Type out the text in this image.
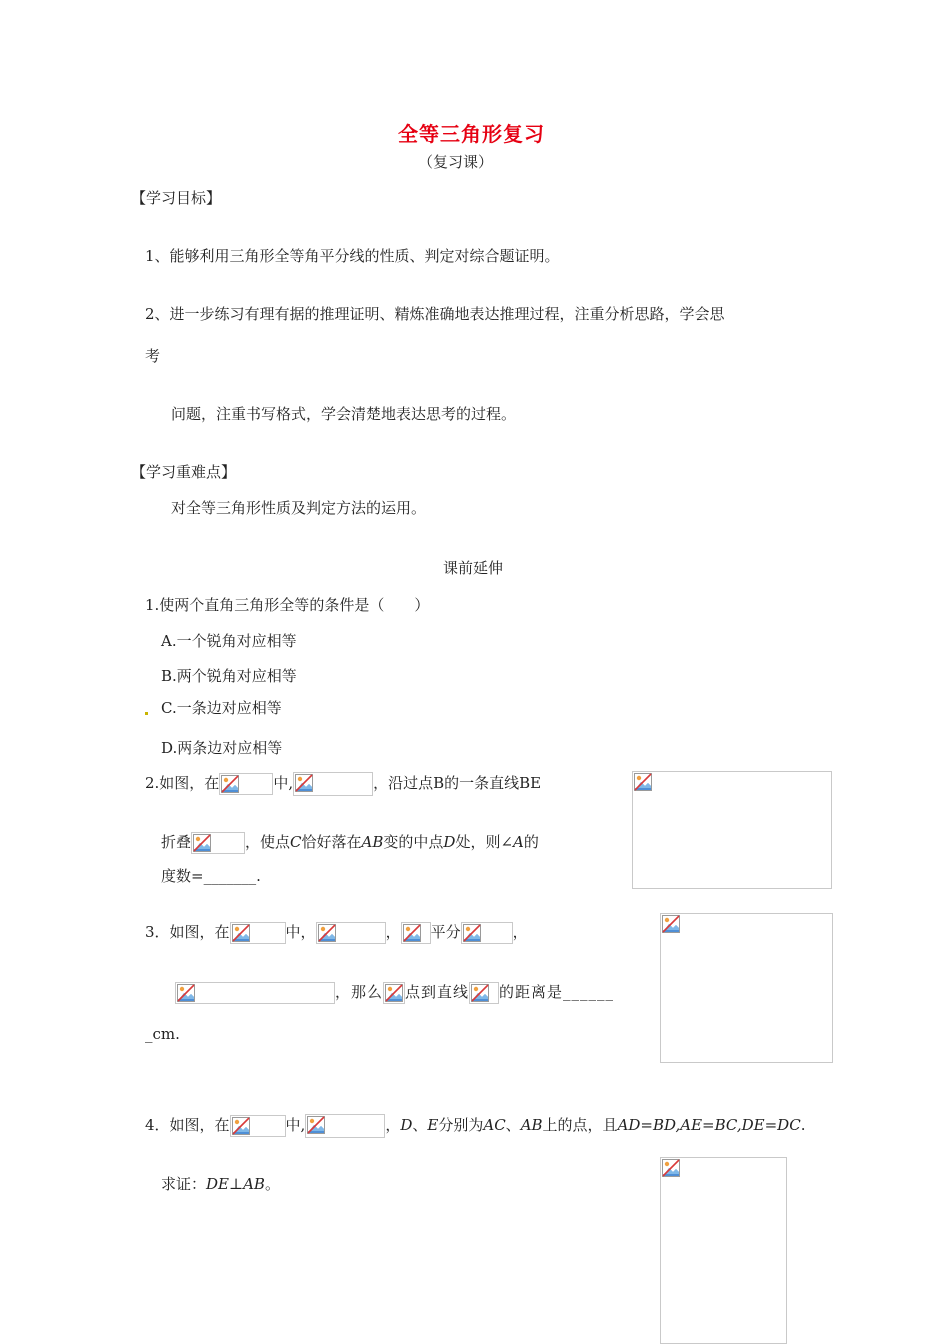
全等三角形复习
（复习课）
【学习目标】
1、能够利用三角形全等角平分线的性质、判定对综合题证明。
2、进一步练习有理有据的推理证明、精炼准确地表达推理过程，注重分析思路，学会思
考
问题，注重书写格式，学会清楚地表达思考的过程。
【学习重难点】
对全等三角形性质及判定方法的运用。
课前延伸
1.使两个直角三角形全等的条件是（　　）
A.一个锐角对应相等
B.两个锐角对应相等
C.一条边对应相等
D.两条边对应相等
2.如图，在	中,	，沿过点B的一条直线BE
折叠	，使点C恰好落在AB变的中点D处，则∠A的
度数=_______.
3．如图，在	中，	， 平分	，
，那么 点到直线 的距离是______
_cm.
4．如图，在	中,	，D、E分别为AC、AB上的点，且AD=BD,AE=BC,DE=DC.
求证：DE⊥AB。
